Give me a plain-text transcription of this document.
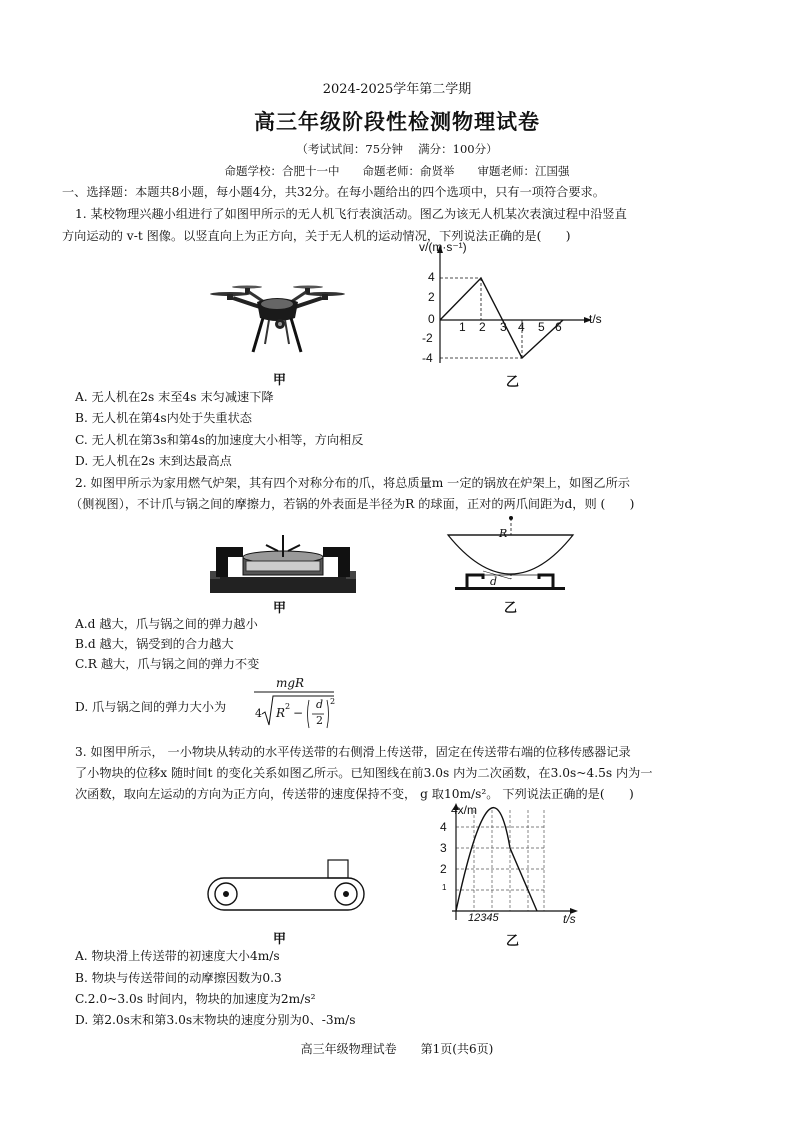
2024-2025学年第二学期
高三年级阶段性检测物理试卷
（考试试间：75分钟　 满分：100分）
命题学校：合肥十一中　　命题老师：俞贤举　　审题老师：江国强
一、选择题：本题共8小题，每小题4分，共32分。在每小题给出的四个选项中，只有一项符合要求。
1. 某校物理兴趣小组进行了如图甲所示的无人机飞行表演活动。图乙为该无人机某次表演过程中沿竖直
方向运动的 v-t 图像。以竖直向上为正方向，关于无人机的运动情况，下列说法正确的是(　　)
甲
v/(m·s⁻¹)
t/s
4
2
0
-2
-4
1 2 3 4 5 6
乙
A. 无人机在2s 末至4s 末匀减速下降
B. 无人机在第4s内处于失重状态
C. 无人机在第3s和第4s的加速度大小相等，方向相反
D. 无人机在2s 末到达最高点
2. 如图甲所示为家用燃气炉架，其有四个对称分布的爪，将总质量m 一定的锅放在炉架上，如图乙所示
（侧视图），不计爪与锅之间的摩擦力，若锅的外表面是半径为R 的球面，正对的两爪间距为d，则 (　　)
甲
R
d
乙
A.d 越大，爪与锅之间的弹力越小
B.d 越大，锅受到的合力越大
C.R 越大，爪与锅之间的弹力不变
D. 爪与锅之间的弹力大小为
mgR
4 R 2 −
d
2
2
3. 如图甲所示， 一小物块从转动的水平传送带的右侧滑上传送带，固定在传送带右端的位移传感器记录
了小物块的位移x 随时间t 的变化关系如图乙所示。已知图线在前3.0s 内为二次函数，在3.0s~4.5s 内为一
次函数，取向左运动的方向为正方向，传送带的速度保持不变， g 取10m/s²。 下列说法正确的是(　　)
甲
4x/m
4
3
2
1
12345	t/s
乙
A. 物块滑上传送带的初速度大小4m/s
B. 物块与传送带间的动摩擦因数为0.3
C.2.0~3.0s 时间内，物块的加速度为2m/s²
D. 第2.0s末和第3.0s末物块的速度分别为0、-3m/s
高三年级物理试卷　　第1页(共6页)
